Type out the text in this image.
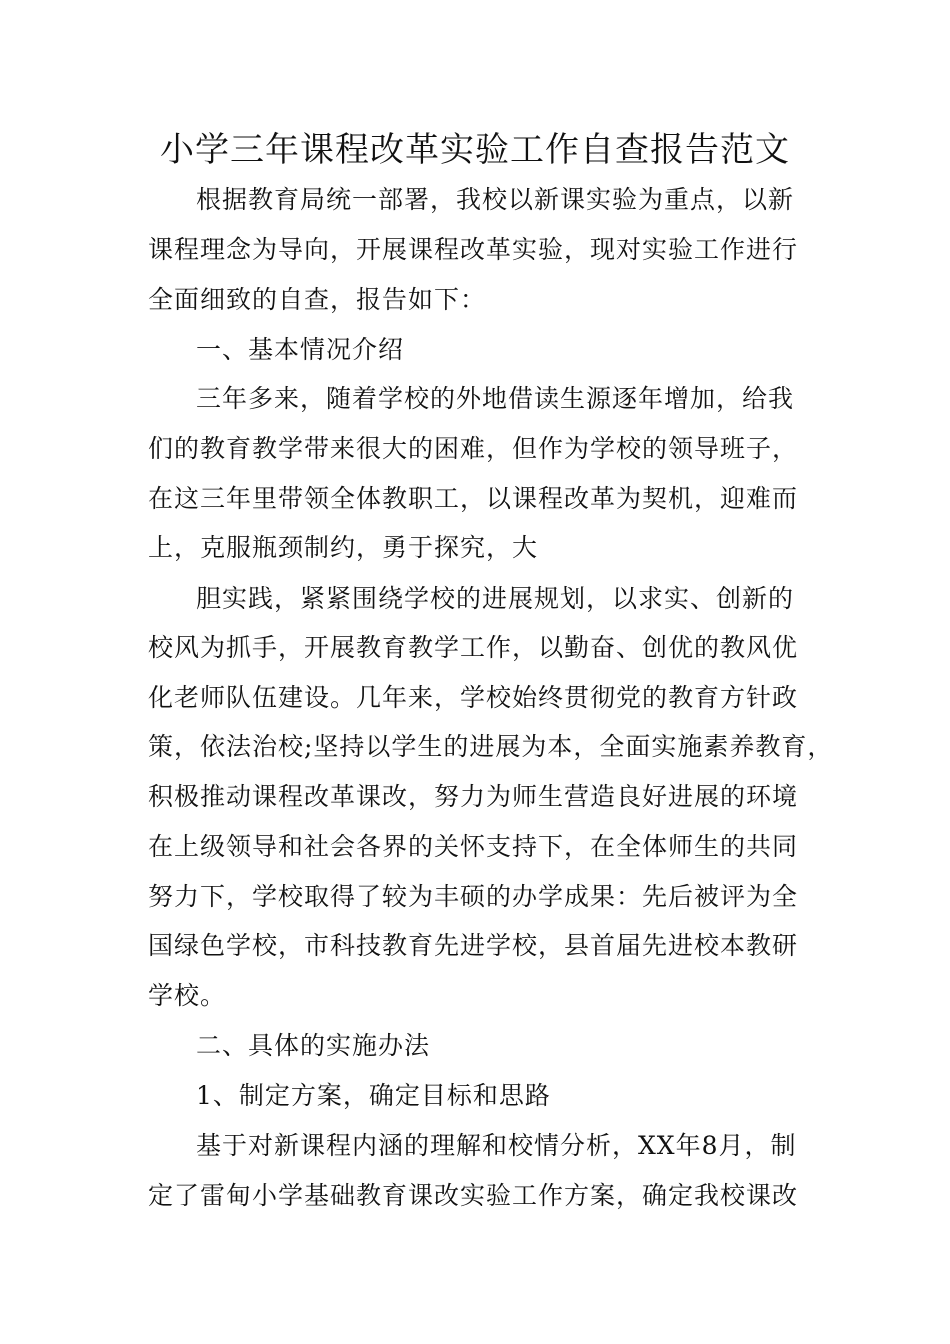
小学三年课程改革实验工作自查报告范文
根据教育局统一部署，我校以新课实验为重点，以新
课程理念为导向，开展课程改革实验，现对实验工作进行
全面细致的自查，报告如下：
一、基本情况介绍
三年多来，随着学校的外地借读生源逐年增加，给我
们的教育教学带来很大的困难，但作为学校的领导班子，
在这三年里带领全体教职工，以课程改革为契机，迎难而
上，克服瓶颈制约，勇于探究，大
胆实践，紧紧围绕学校的进展规划，以求实、创新的
校风为抓手，开展教育教学工作，以勤奋、创优的教风优
化老师队伍建设。几年来，学校始终贯彻党的教育方针政
策，依法治校;坚持以学生的进展为本，全面实施素养教育，
积极推动课程改革课改，努力为师生营造良好进展的环境
在上级领导和社会各界的关怀支持下，在全体师生的共同
努力下，学校取得了较为丰硕的办学成果：先后被评为全
国绿色学校，市科技教育先进学校，县首届先进校本教研
学校。
二、具体的实施办法
1、制定方案，确定目标和思路
基于对新课程内涵的理解和校情分析，XX年8月，制
定了雷甸小学基础教育课改实验工作方案，确定我校课改
